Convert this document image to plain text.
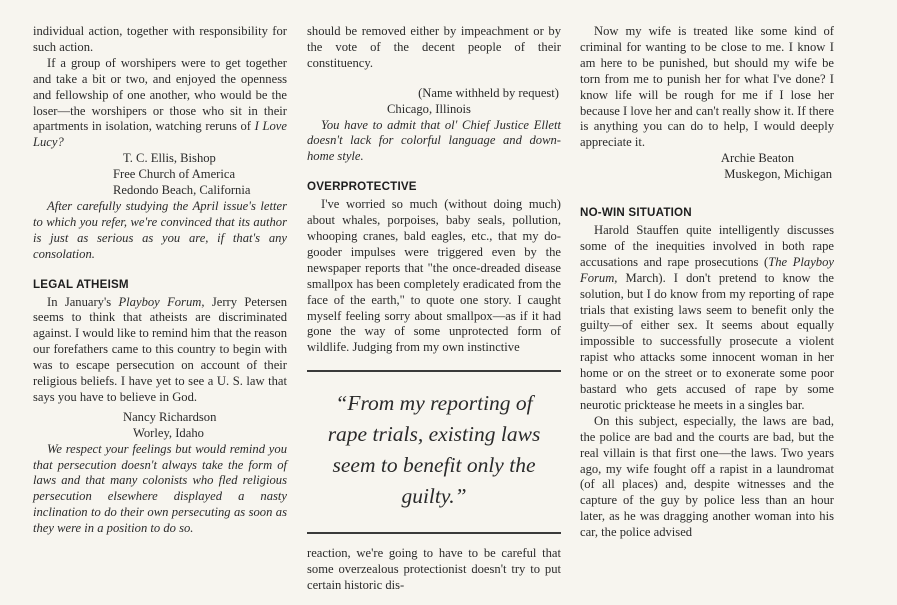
individual action, together with responsibility for such action.

If a group of worshipers were to get together and take a bit or two, and enjoyed the openness and fellowship of one another, who would be the loser—the worshipers or those who sit in their apartments in isolation, watching reruns of I Love Lucy?

T. C. Ellis, Bishop

Free Church of America

Redondo Beach, California

After carefully studying the April issue's letter to which you refer, we're convinced that its author is just as serious as you are, if that's any consolation.

LEGAL ATHEISM

In January's Playboy Forum, Jerry Petersen seems to think that atheists are discriminated against. I would like to remind him that the reason our forefathers came to this country to begin with was to escape persecution on account of their religious beliefs. I have yet to see a U. S. law that says you have to believe in God.

Nancy Richardson

Worley, Idaho

We respect your feelings but would remind you that persecution doesn't always take the form of laws and that many colonists who fled religious persecution elsewhere displayed a nasty inclination to do their own persecuting as soon as they were in a position to do so.

should be removed either by impeachment or by the vote of the decent people of their constituency.

(Name withheld by request)

Chicago, Illinois

You have to admit that ol' Chief Justice Ellett doesn't lack for colorful language and down-home style.

OVERPROTECTIVE

I've worried so much (without doing much) about whales, porpoises, baby seals, pollution, whooping cranes, bald eagles, etc., that my do-gooder impulses were triggered even by the newspaper reports that "the once-dreaded disease smallpox has been completely eradicated from the face of the earth," to quote one story. I caught myself feeling sorry about smallpox—as if it had gone the way of some unprotected form of wildlife. Judging from my own instinctive

“From my reporting of rape trials, existing laws seem to benefit only the guilty.”

reaction, we're going to have to be careful that some overzealous protectionist doesn't try to put certain historic dis-

Now my wife is treated like some kind of criminal for wanting to be close to me. I know I am here to be punished, but should my wife be torn from me to punish her for what I've done? I know life will be rough for me if I lose her because I love her and can't really show it. If there is anything you can do to help, I would deeply appreciate it.

Archie Beaton

Muskegon, Michigan

NO-WIN SITUATION

Harold Stauffen quite intelligently discusses some of the inequities involved in both rape accusations and rape prosecutions (The Playboy Forum, March). I don't pretend to know the solution, but I do know from my reporting of rape trials that existing laws seem to benefit only the guilty—of either sex. It seems about equally impossible to successfully prosecute a violent rapist who attacks some innocent woman in her home or on the street or to exonerate some poor bastard who gets accused of rape by some neurotic pricktease he meets in a singles bar.

On this subject, especially, the laws are bad, the police are bad and the courts are bad, but the real villain is that first one—the laws. Two years ago, my wife fought off a rapist in a laundromat (of all places) and, despite witnesses and the capture of the guy by police less than an hour later, as he was dragging another woman into his car, the police advised
